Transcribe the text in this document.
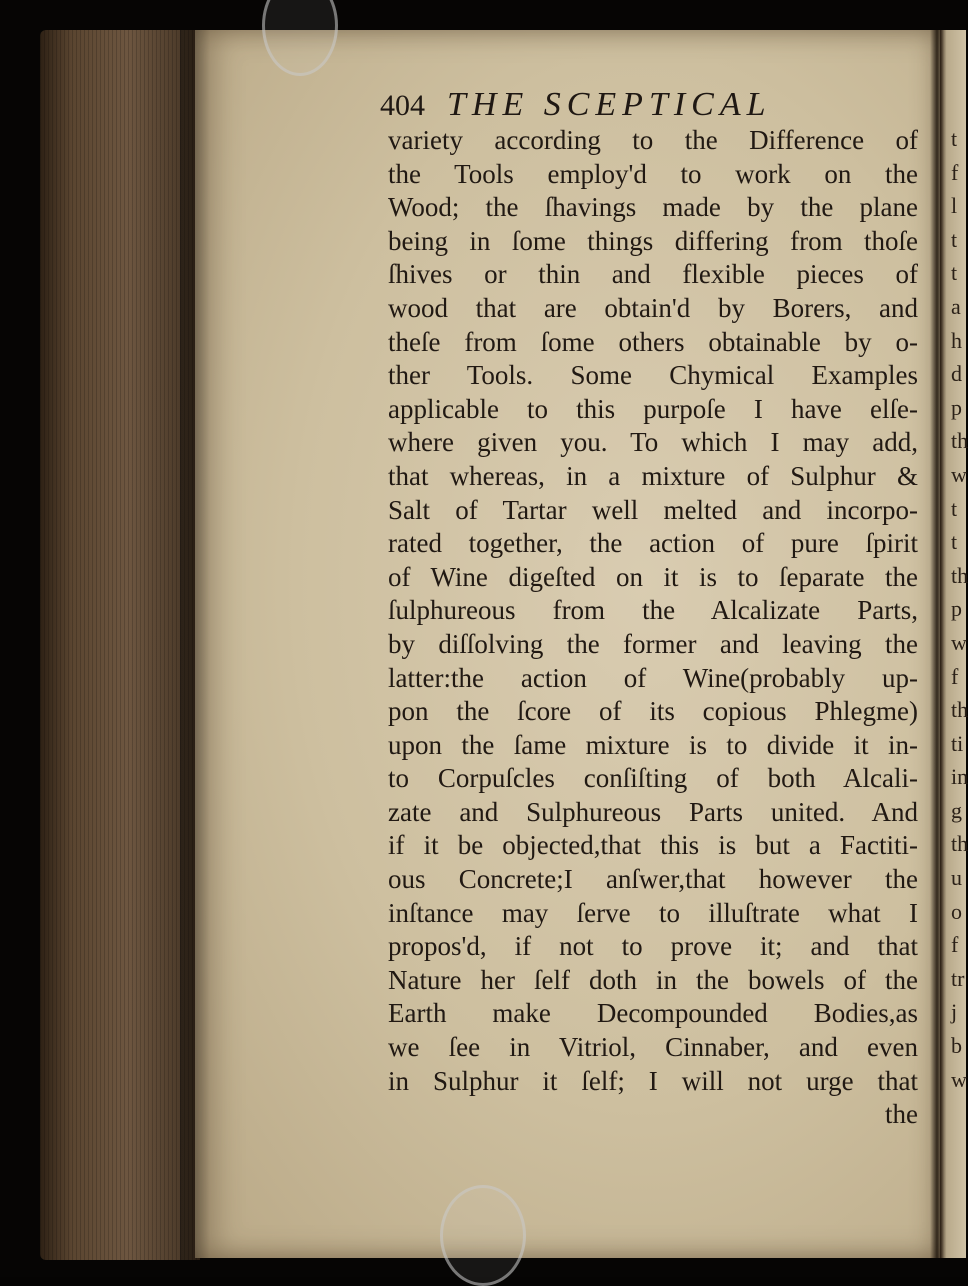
t
f
l
t
t
a
h
d
p
th
w
t
t
th
p
w
f
th
ti
in
g
th
u
o
f
tr
j
b
w
404 THE SCEPTICAL
variety according to the Difference of
the Tools employ'd to work on the
Wood; the ſhavings made by the plane
being in ſome things differing from thoſe
ſhives or thin and flexible pieces of
wood that are obtain'd by Borers, and
theſe from ſome others obtainable by o-
ther Tools. Some Chymical Examples
applicable to this purpoſe I have elſe-
where given you. To which I may add,
that whereas, in a mixture of Sulphur &
Salt of Tartar well melted and incorpo-
rated together, the action of pure ſpirit
of Wine digeſted on it is to ſeparate the
ſulphureous from the Alcalizate Parts,
by diſſolving the former and leaving the
latter:the action of Wine(probably up-
pon the ſcore of its copious Phlegme)
upon the ſame mixture is to divide it in-
to Corpuſcles conſiſting of both Alcali-
zate and Sulphureous Parts united. And
if it be objected,that this is but a Factiti-
ous Concrete;I anſwer,that however the
inſtance may ſerve to illuſtrate what I
propos'd, if not to prove it; and that
Nature her ſelf doth in the bowels of the
Earth make Decompounded Bodies,as
we ſee in Vitriol, Cinnaber, and even
in Sulphur it ſelf; I will not urge that
the
